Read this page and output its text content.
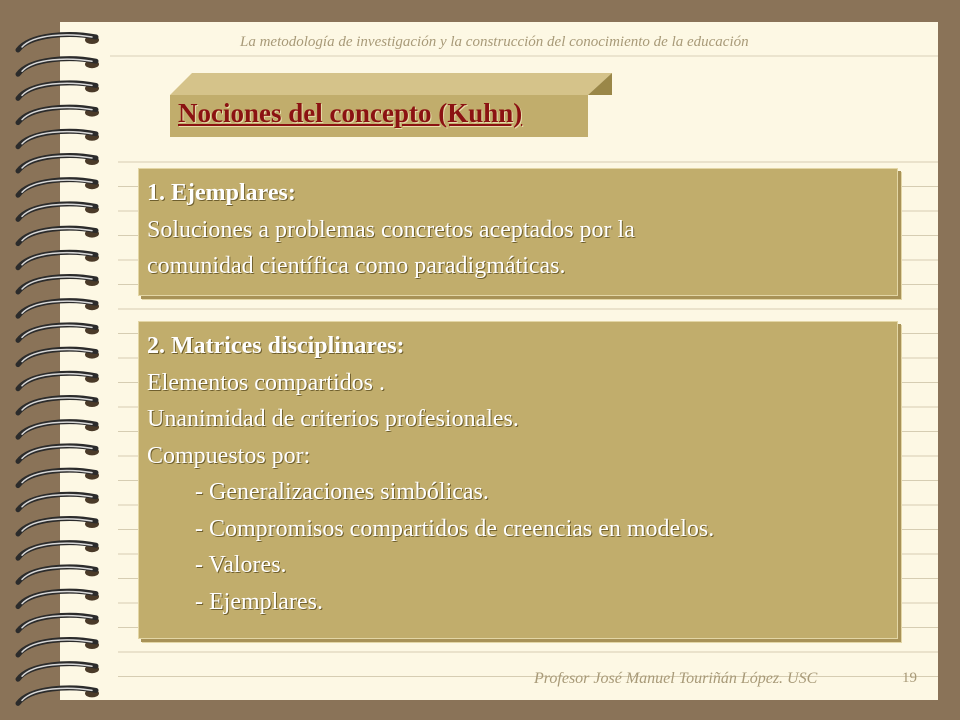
La metodología de investigación y la construcción del conocimiento de la educación
Nociones del concepto (Kuhn)
1. Ejemplares:
Soluciones a problemas concretos aceptados por la
comunidad científica como paradigmáticas.
2. Matrices disciplinares:
Elementos compartidos .
Unanimidad de criterios profesionales.
Compuestos por:
- Generalizaciones simbólicas.
- Compromisos compartidos de creencias en modelos.
- Valores.
- Ejemplares.
Profesor José Manuel Touriñán López. USC	19
